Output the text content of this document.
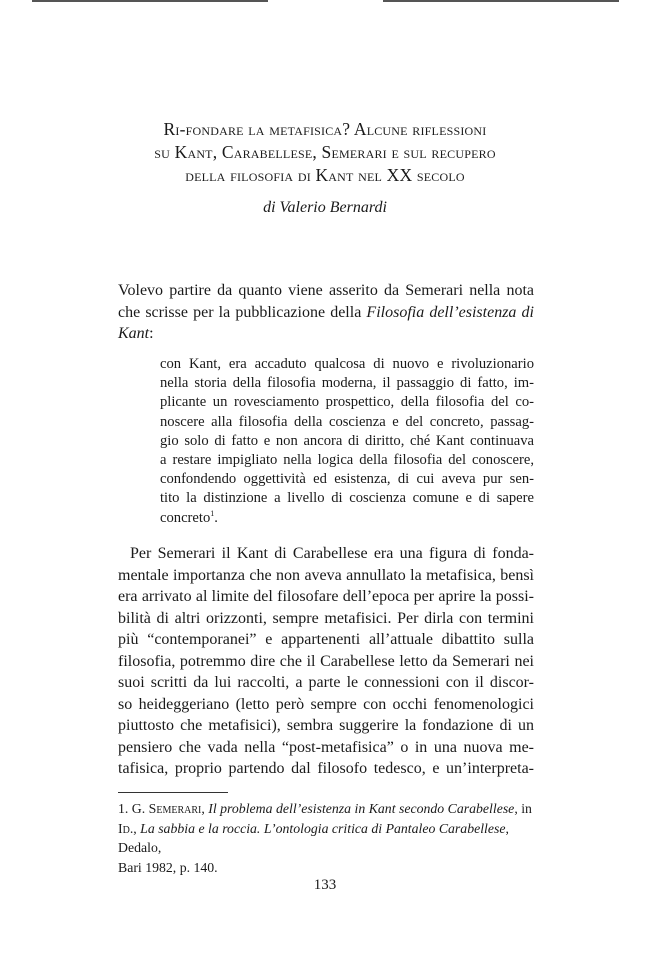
Ri-fondare la metafisica? Alcune riflessioni
su Kant, Carabellese, Semerari e sul recupero
della filosofia di Kant nel XX secolo
di Valerio Bernardi
Volevo partire da quanto viene asserito da Semerari nella nota
che scrisse per la pubblicazione della Filosofia dell’esistenza di
Kant:
con Kant, era accaduto qualcosa di nuovo e rivoluzionario
nella storia della filosofia moderna, il passaggio di fatto, im-
plicante un rovesciamento prospettico, della filosofia del co-
noscere alla filosofia della coscienza e del concreto, passag-
gio solo di fatto e non ancora di diritto, ché Kant continuava
a restare impigliato nella logica della filosofia del conoscere,
confondendo oggettività ed esistenza, di cui aveva pur sen-
tito la distinzione a livello di coscienza comune e di sapere
concreto$^1$.
Per Semerari il Kant di Carabellese era una figura di fonda-
mentale importanza che non aveva annullato la metafisica, bensì
era arrivato al limite del filosofare dell’epoca per aprire la possi-
bilità di altri orizzonti, sempre metafisici. Per dirla con termini
più “contemporanei” e appartenenti all’attuale dibattito sulla
filosofia, potremmo dire che il Carabellese letto da Semerari nei
suoi scritti da lui raccolti, a parte le connessioni con il discor-
so heideggeriano (letto però sempre con occhi fenomenologici
piuttosto che metafisici), sembra suggerire la fondazione di un
pensiero che vada nella “post-metafisica” o in una nuova me-
tafisica, proprio partendo dal filosofo tedesco, e un’interpreta-
1. G. Semerari, Il problema dell’esistenza in Kant secondo Carabellese, in
Id., La sabbia e la roccia. L’ontologia critica di Pantaleo Carabellese, Dedalo,
Bari 1982, p. 140.
133
